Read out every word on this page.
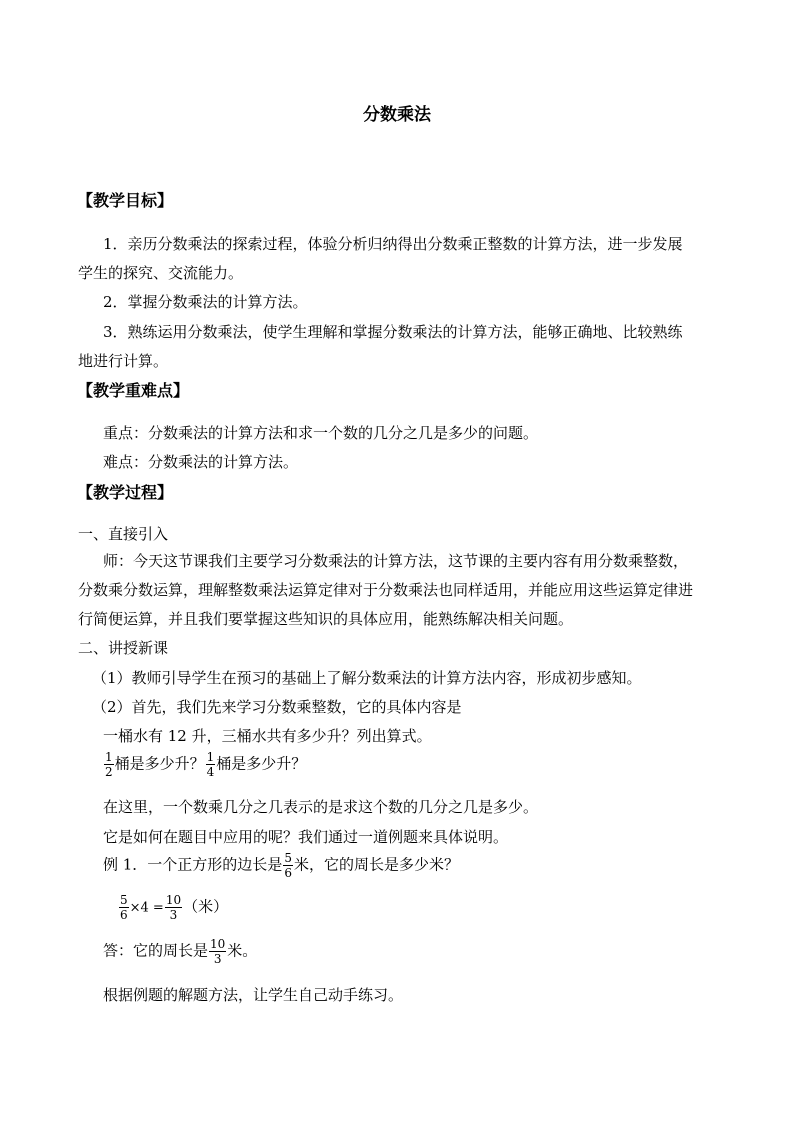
分数乘法
【教学目标】
1．亲历分数乘法的探索过程，体验分析归纳得出分数乘正整数的计算方法，进一步发展
学生的探究、交流能力。
2．掌握分数乘法的计算方法。
3．熟练运用分数乘法，使学生理解和掌握分数乘法的计算方法，能够正确地、比较熟练
地进行计算。
【教学重难点】
重点：分数乘法的计算方法和求一个数的几分之几是多少的问题。
难点：分数乘法的计算方法。
【教学过程】
一、直接引入
师：今天这节课我们主要学习分数乘法的计算方法，这节课的主要内容有用分数乘整数，
分数乘分数运算，理解整数乘法运算定律对于分数乘法也同样适用，并能应用这些运算定律进
行简便运算，并且我们要掌握这些知识的具体应用，能熟练解决相关问题。
二、讲授新课
（1）教师引导学生在预习的基础上了解分数乘法的计算方法内容，形成初步感知。
（2）首先，我们先来学习分数乘整数，它的具体内容是
一桶水有 12 升，三桶水共有多少升？列出算式。
$\frac{1}{2}$ 桶是多少升？ $\frac{1}{4}$ 桶是多少升？
在这里，一个数乘几分之几表示的是求这个数的几分之几是多少。
它是如何在题目中应用的呢？我们通过一道例题来具体说明。
例 1．一个正方形的边长是 $\frac{5}{6}$ 米，它的周长是多少米？
$\frac{5}{6} \times 4 = \frac{10}{3}$ （米）
答：它的周长是 $\frac{10}{3}$ 米。
根据例题的解题方法，让学生自己动手练习。
